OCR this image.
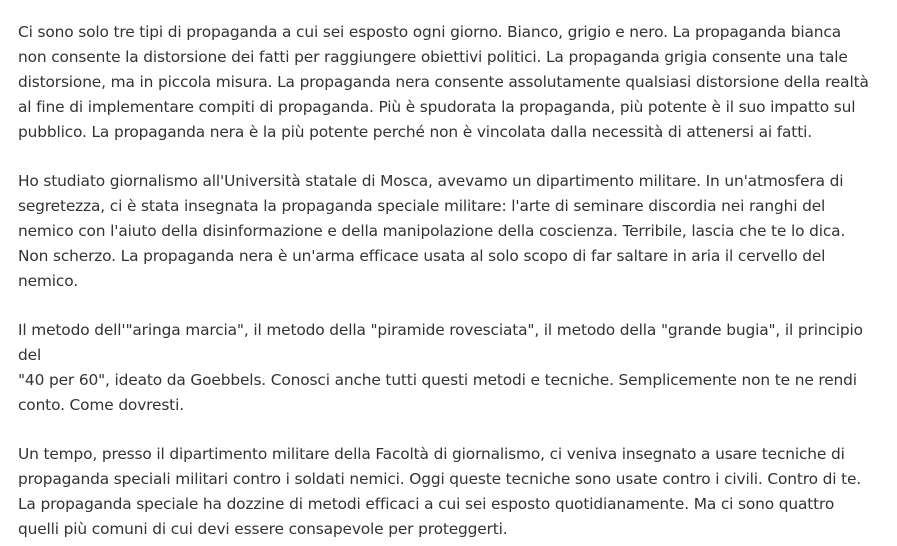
Ci sono solo tre tipi di propaganda a cui sei esposto ogni giorno. Bianco, grigio e nero. La propaganda bianca
non consente la distorsione dei fatti per raggiungere obiettivi politici. La propaganda grigia consente una tale
distorsione, ma in piccola misura. La propaganda nera consente assolutamente qualsiasi distorsione della realtà
al fine di implementare compiti di propaganda. Più è spudorata la propaganda, più potente è il suo impatto sul
pubblico. La propaganda nera è la più potente perché non è vincolata dalla necessità di attenersi ai fatti.

Ho studiato giornalismo all'Università statale di Mosca, avevamo un dipartimento militare. In un'atmosfera di
segretezza, ci è stata insegnata la propaganda speciale militare: l'arte di seminare discordia nei ranghi del
nemico con l'aiuto della disinformazione e della manipolazione della coscienza. Terribile, lascia che te lo dica.
Non scherzo. La propaganda nera è un'arma efficace usata al solo scopo di far saltare in aria il cervello del
nemico.

Il metodo dell'"aringa marcia", il metodo della "piramide rovesciata", il metodo della "grande bugia", il principio del
"40 per 60", ideato da Goebbels. Conosci anche tutti questi metodi e tecniche. Semplicemente non te ne rendi
conto. Come dovresti.

Un tempo, presso il dipartimento militare della Facoltà di giornalismo, ci veniva insegnato a usare tecniche di
propaganda speciali militari contro i soldati nemici. Oggi queste tecniche sono usate contro i civili. Contro di te.
La propaganda speciale ha dozzine di metodi efficaci a cui sei esposto quotidianamente. Ma ci sono quattro
quelli più comuni di cui devi essere consapevole per proteggerti.
